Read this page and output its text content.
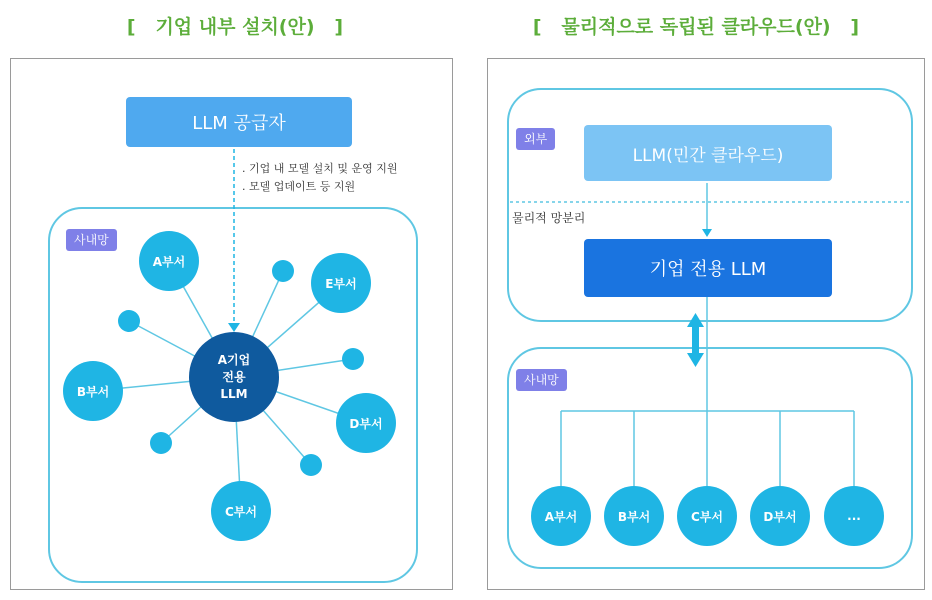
[   기업 내부 설치(안)   ]	[   물리적으로 독립된 클라우드(안)   ]
LLM 공급자
. 기업 내 모델 설치 및 운영 지원
. 모델 업데이트 등 지원
사내망
A부서
E부서
B부서
D부서
C부서
A기업
전용
LLM
외부
LLM(민간 클라우드)
물리적 망분리
기업 전용 LLM
사내망
A부서	B부서	C부서	D부서	...
